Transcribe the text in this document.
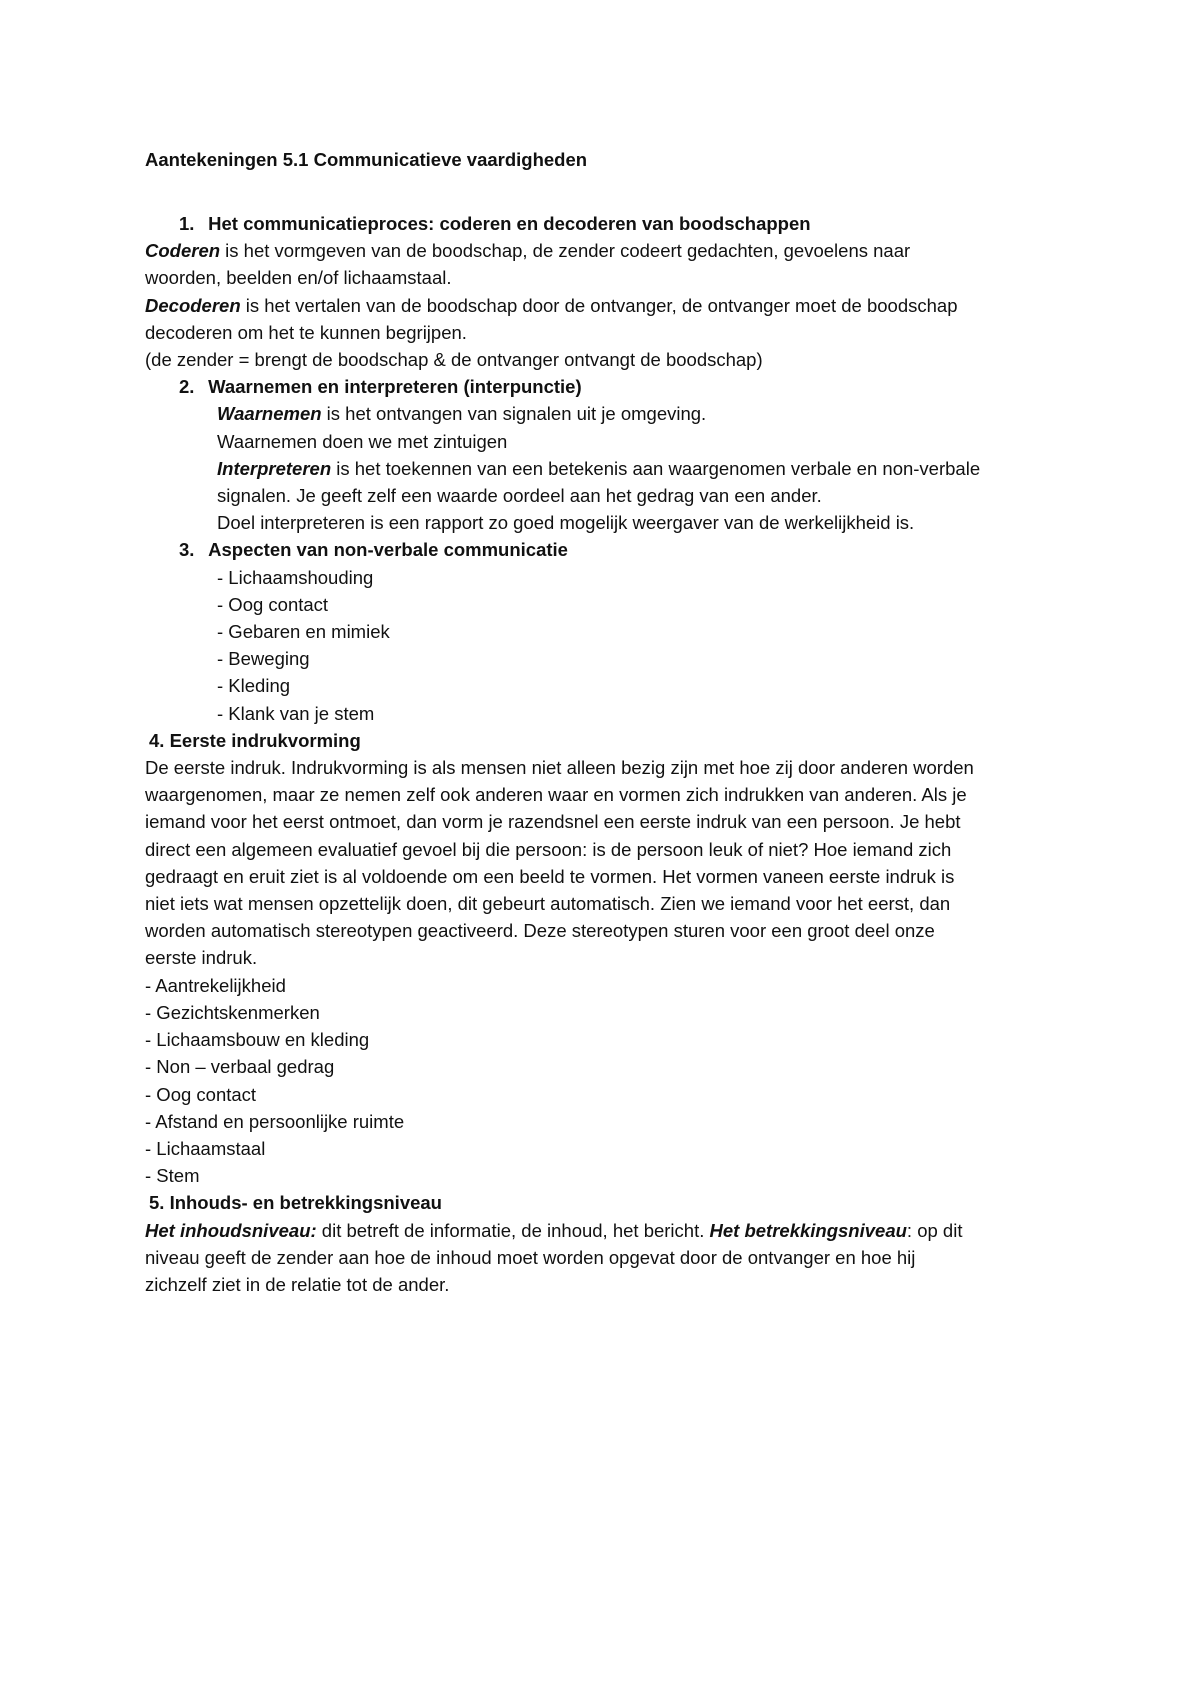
Aantekeningen 5.1 Communicatieve vaardigheden
1. Het communicatieproces: coderen en decoderen van boodschappen
Coderen is het vormgeven van de boodschap, de zender codeert gedachten, gevoelens naar
woorden, beelden en/of lichaamstaal.
Decoderen is het vertalen van de boodschap door de ontvanger, de ontvanger moet de boodschap
decoderen om het te kunnen begrijpen.
(de zender = brengt de boodschap & de ontvanger ontvangt de boodschap)
2. Waarnemen en interpreteren (interpunctie)
Waarnemen is het ontvangen van signalen uit je omgeving.
Waarnemen doen we met zintuigen
Interpreteren is het toekennen van een betekenis aan waargenomen verbale en non-verbale
signalen. Je geeft zelf een waarde oordeel aan het gedrag van een ander.
Doel interpreteren is een rapport zo goed mogelijk weergaver van de werkelijkheid is.
3. Aspecten van non-verbale communicatie
- Lichaamshouding
- Oog contact
- Gebaren en mimiek
- Beweging
- Kleding
- Klank van je stem
4. Eerste indrukvorming
De eerste indruk. Indrukvorming is als mensen niet alleen bezig zijn met hoe zij door anderen worden
waargenomen, maar ze nemen zelf ook anderen waar en vormen zich indrukken van anderen. Als je
iemand voor het eerst ontmoet, dan vorm je razendsnel een eerste indruk van een persoon. Je hebt
direct een algemeen evaluatief gevoel bij die persoon: is de persoon leuk of niet? Hoe iemand zich
gedraagt en eruit ziet is al voldoende om een beeld te vormen. Het vormen vaneen eerste indruk is
niet iets wat mensen opzettelijk doen, dit gebeurt automatisch. Zien we iemand voor het eerst, dan
worden automatisch stereotypen geactiveerd. Deze stereotypen sturen voor een groot deel onze
eerste indruk.
- Aantrekelijkheid
- Gezichtskenmerken
- Lichaamsbouw en kleding
- Non – verbaal gedrag
- Oog contact
- Afstand en persoonlijke ruimte
- Lichaamstaal
- Stem
5. Inhouds- en betrekkingsniveau
Het inhoudsniveau: dit betreft de informatie, de inhoud, het bericht. Het betrekkingsniveau: op dit
niveau geeft de zender aan hoe de inhoud moet worden opgevat door de ontvanger en hoe hij
zichzelf ziet in de relatie tot de ander.
